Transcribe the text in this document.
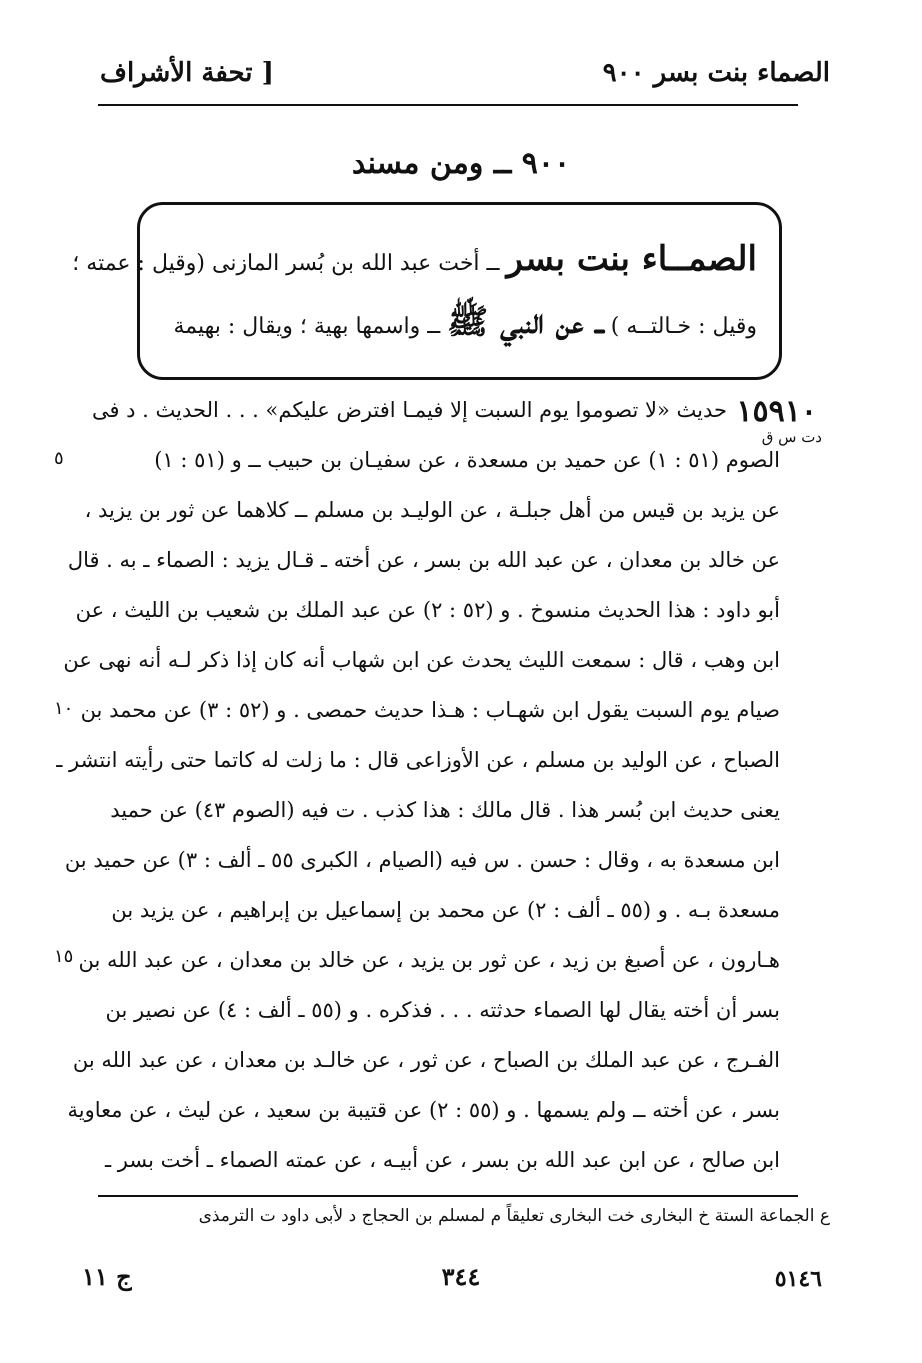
الصماء بنت بسر ٩٠٠
[ تحفة الأشراف
٩٠٠ ــ ومن مسند
الصمــاء بنت بسر ــ أخت عبد الله بن بُسر المازنى (وقيل : عمته ؛
وقيل : خـالتــه ) ــ عن النبي ﷺ ــ واسمها بهية ؛ ويقال : بهيمة
١٥٩١٠
دت س ق
٥
١٠
١٥
حديث «لا تصوموا يوم السبت إلا فيمـا افترض عليكم» . . . الحديث . د فى
الصوم (٥١ : ١) عن حميد بن مسعدة ، عن سفيـان بن حبيب ــ و (٥١ : ١)
عن يزيد بن قيس من أهل جبلـة ، عن الوليـد بن مسلم ــ كلاهما عن ثور بن يزيد ،
عن خالد بن معدان ، عن عبد الله بن بسر ، عن أخته ـ قـال يزيد : الصماء ـ به . قال
أبو داود : هذا الحديث منسوخ . و (٥٢ : ٢) عن عبد الملك بن شعيب بن الليث ، عن
ابن وهب ، قال : سمعت الليث يحدث عن ابن شهاب أنه كان إذا ذكر لـه أنه نهى عن
صيام يوم السبت يقول ابن شهـاب : هـذا حديث حمصى . و (٥٢ : ٣) عن محمد بن
الصباح ، عن الوليد بن مسلم ، عن الأوزاعى قال : ما زلت له كاتما حتى رأيته انتشر ـ
يعنى حديث ابن بُسر هذا . قال مالك : هذا كذب . ت فيه (الصوم ٤٣) عن حميد
ابن مسعدة به ، وقال : حسن . س فيه (الصيام ، الكبرى ٥٥ ـ ألف : ٣) عن حميد بن
مسعدة بـه . و (٥٥ ـ ألف : ٢) عن محمد بن إسماعيل بن إبراهيم ، عن يزيد بن
هـارون ، عن أصبغ بن زيد ، عن ثور بن يزيد ، عن خالد بن معدان ، عن عبد الله بن
بسر أن أخته يقال لها الصماء حدثته . . . فذكره . و (٥٥ ـ ألف : ٤) عن نصير بن
الفـرج ، عن عبد الملك بن الصباح ، عن ثور ، عن خالـد بن معدان ، عن عبد الله بن
بسر ، عن أخته ــ ولم يسمها . و (٥٥ : ٢) عن قتيبة بن سعيد ، عن ليث ، عن معاوية
ابن صالح ، عن ابن عبد الله بن بسر ، عن أبيـه ، عن عمته الصماء ـ أخت بسر ـ
ع الجماعة الستة خ البخارى خت البخارى تعليقاً م لمسلم بن الحجاج د لأبى داود ت الترمذى
ج ١١	٣٤٤	٥١٤٦
